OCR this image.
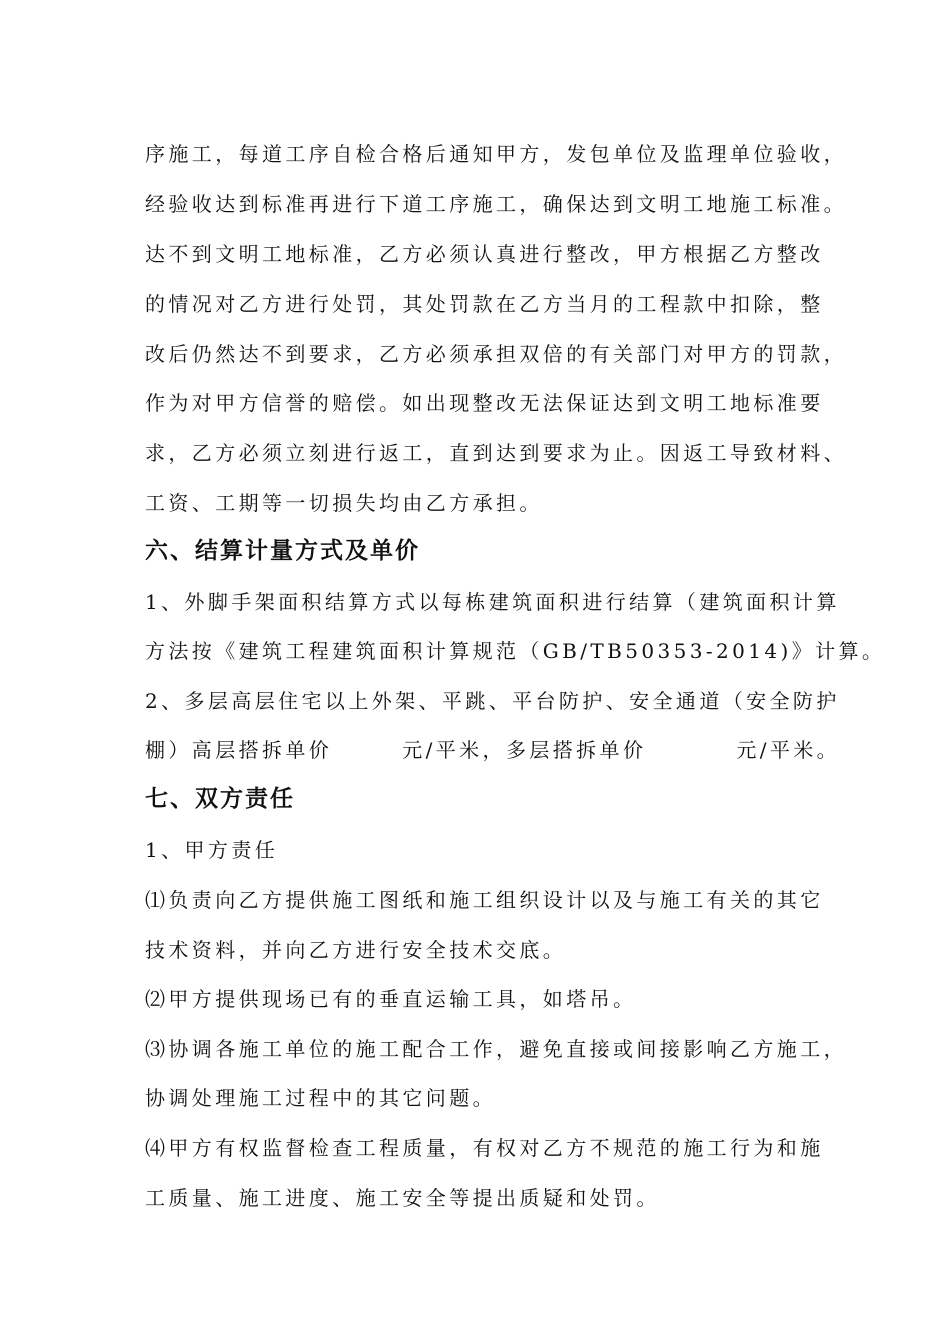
序施工，每道工序自检合格后通知甲方，发包单位及监理单位验收，
经验收达到标准再进行下道工序施工，确保达到文明工地施工标准。
达不到文明工地标准，乙方必须认真进行整改，甲方根据乙方整改
的情况对乙方进行处罚，其处罚款在乙方当月的工程款中扣除，整
改后仍然达不到要求，乙方必须承担双倍的有关部门对甲方的罚款，
作为对甲方信誉的赔偿。如出现整改无法保证达到文明工地标准要
求，乙方必须立刻进行返工，直到达到要求为止。因返工导致材料、
工资、工期等一切损失均由乙方承担。
六、结算计量方式及单价
1、外脚手架面积结算方式以每栋建筑面积进行结算（建筑面积计算
方法按《建筑工程建筑面积计算规范（GB/TB50353-2014)》计算。
2、多层高层住宅以上外架、平跳、平台防护、安全通道（安全防护
棚）高层搭拆单价	元/平米，多层搭拆单价	元/平米。
七、双方责任
1、甲方责任
⑴负责向乙方提供施工图纸和施工组织设计以及与施工有关的其它
技术资料，并向乙方进行安全技术交底。
⑵甲方提供现场已有的垂直运输工具，如塔吊。
⑶协调各施工单位的施工配合工作，避免直接或间接影响乙方施工，
协调处理施工过程中的其它问题。
⑷甲方有权监督检查工程质量，有权对乙方不规范的施工行为和施
工质量、施工进度、施工安全等提出质疑和处罚。
